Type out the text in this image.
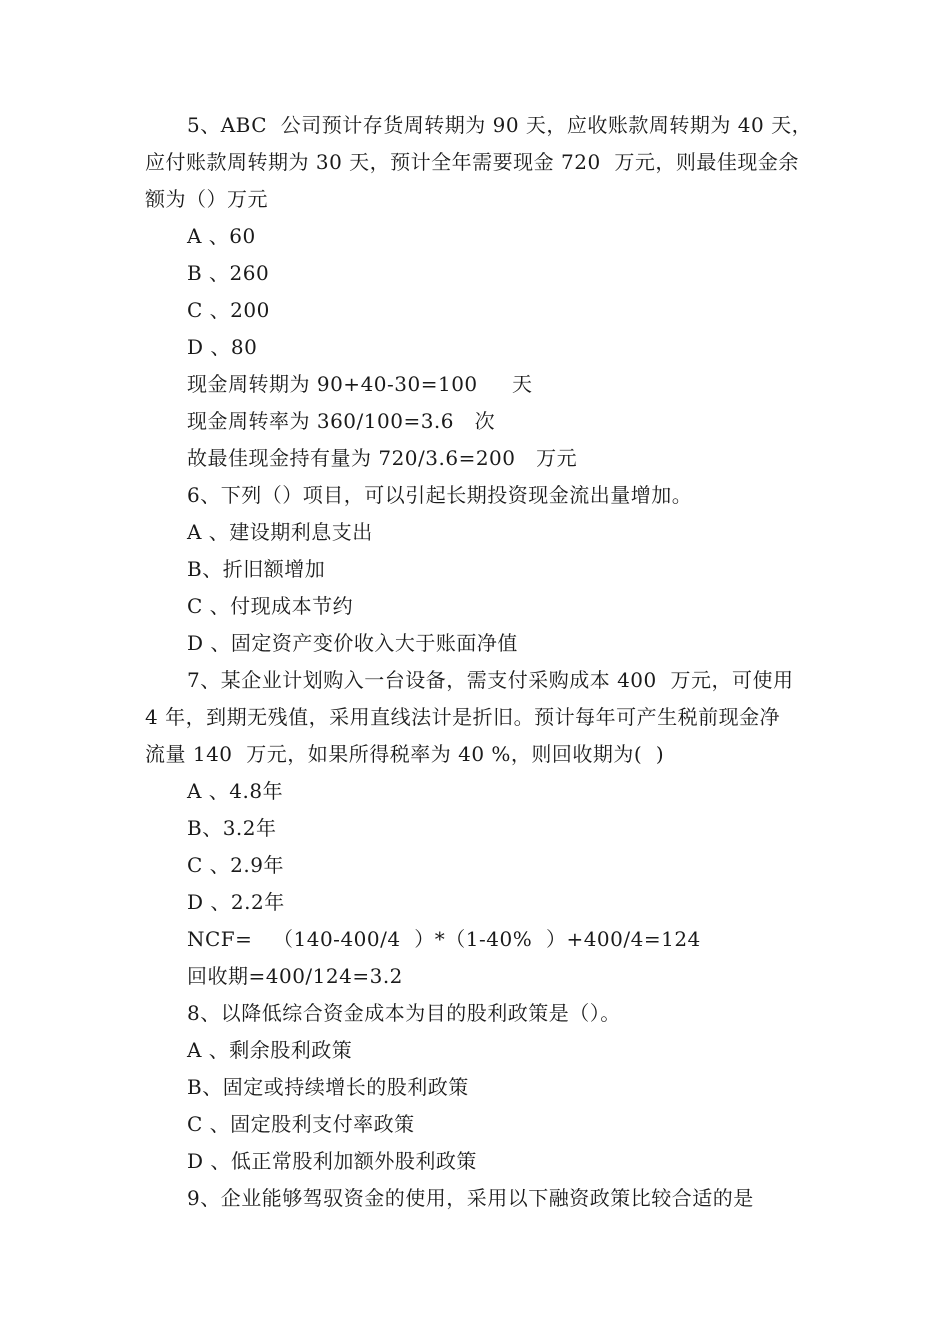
5、ABC  公司预计存货周转期为 90 天，应收账款周转期为 40 天，
应付账款周转期为 30 天，预计全年需要现金 720  万元，则最佳现金余
额为（）万元
A 、60
B 、260
C 、200
D 、80
现金周转期为 90+40-30=100     天
现金周转率为 360/100=3.6   次
故最佳现金持有量为 720/3.6=200   万元
6、下列（）项目，可以引起长期投资现金流出量增加。
A 、建设期利息支出
B、折旧额增加
C 、付现成本节约
D 、固定资产变价收入大于账面净值
7、某企业计划购入一台设备，需支付采购成本 400  万元，可使用
4 年，到期无残值，采用直线法计是折旧。预计每年可产生税前现金净
流量 140  万元，如果所得税率为 40 %，则回收期为(  )
A 、4.8年
B、3.2年
C 、2.9年
D 、2.2年
NCF=   （140-400/4  ）*（1-40%  ）+400/4=124
回收期=400/124=3.2
8、以降低综合资金成本为目的股利政策是（）。
A 、剩余股利政策
B、固定或持续增长的股利政策
C 、固定股利支付率政策
D 、低正常股利加额外股利政策
9、企业能够驾驭资金的使用，采用以下融资政策比较合适的是
